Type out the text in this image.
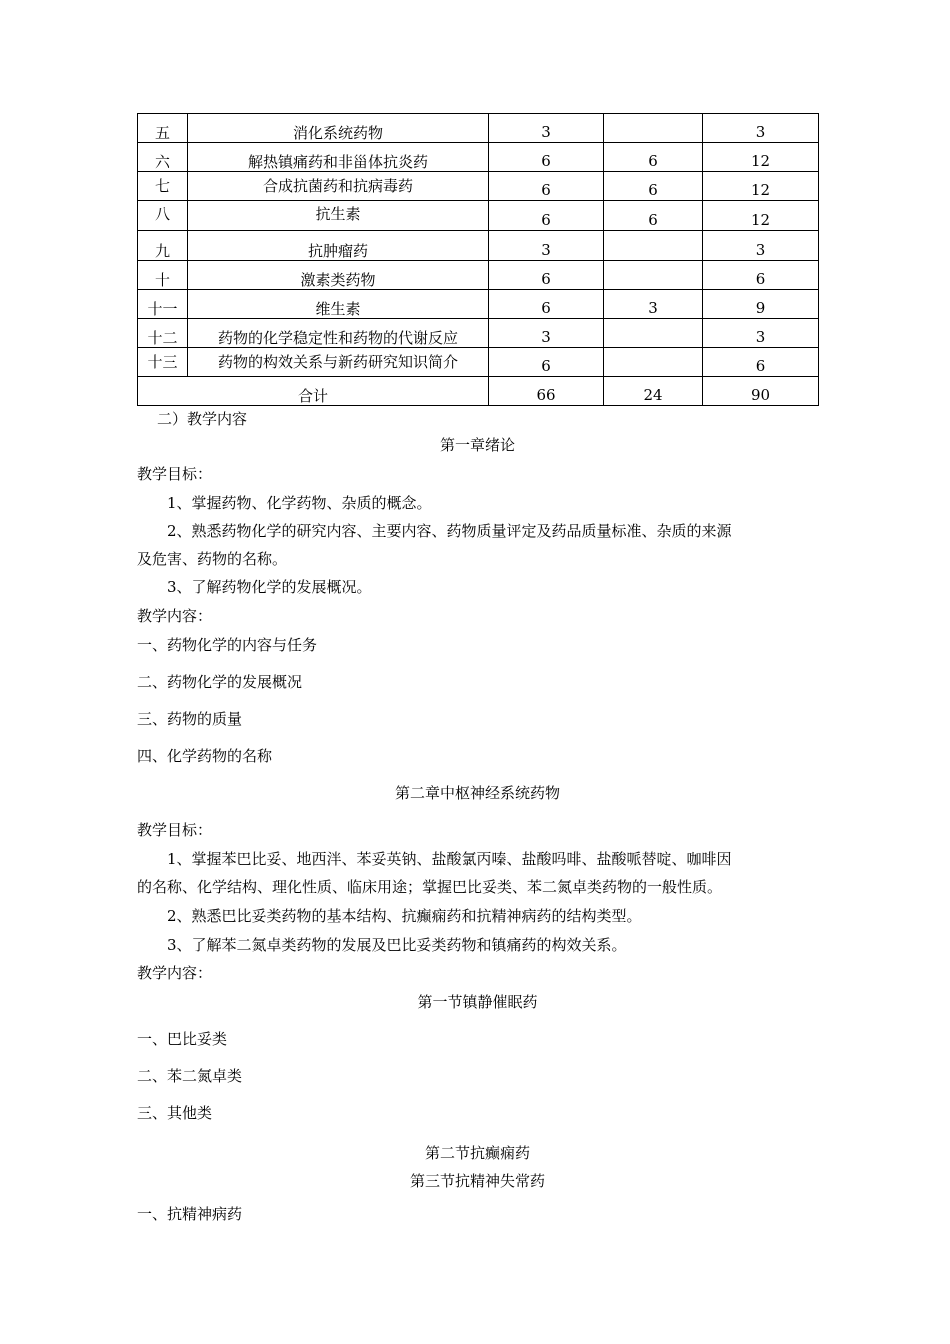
五	消化系统药物	3		3
六	解热镇痛药和非甾体抗炎药	6	6	12
七	合成抗菌药和抗病毒药	6	6	12
八	抗生素	6	6	12
九	抗肿瘤药	3		3
十	激素类药物	6		6
十一	维生素	6	3	9
十二	药物的化学稳定性和药物的代谢反应	3		3
十三	药物的构效关系与新药研究知识简介	6		6
合计		66	24	90
二）教学内容
第一章绪论
教学目标：
1、掌握药物、化学药物、杂质的概念。
2、熟悉药物化学的研究内容、主要内容、药物质量评定及药品质量标准、杂质的来源
及危害、药物的名称。
3、了解药物化学的发展概况。
教学内容：
一、药物化学的内容与任务
二、药物化学的发展概况
三、药物的质量
四、化学药物的名称
第二章中枢神经系统药物
教学目标：
1、掌握苯巴比妥、地西泮、苯妥英钠、盐酸氯丙嗪、盐酸吗啡、盐酸哌替啶、咖啡因
的名称、化学结构、理化性质、临床用途；掌握巴比妥类、苯二氮卓类药物的一般性质。
2、熟悉巴比妥类药物的基本结构、抗癫痫药和抗精神病药的结构类型。
3、了解苯二氮卓类药物的发展及巴比妥类药物和镇痛药的构效关系。
教学内容：
第一节镇静催眠药
一、巴比妥类
二、苯二氮卓类
三、其他类
第二节抗癫痫药
第三节抗精神失常药
一、抗精神病药
